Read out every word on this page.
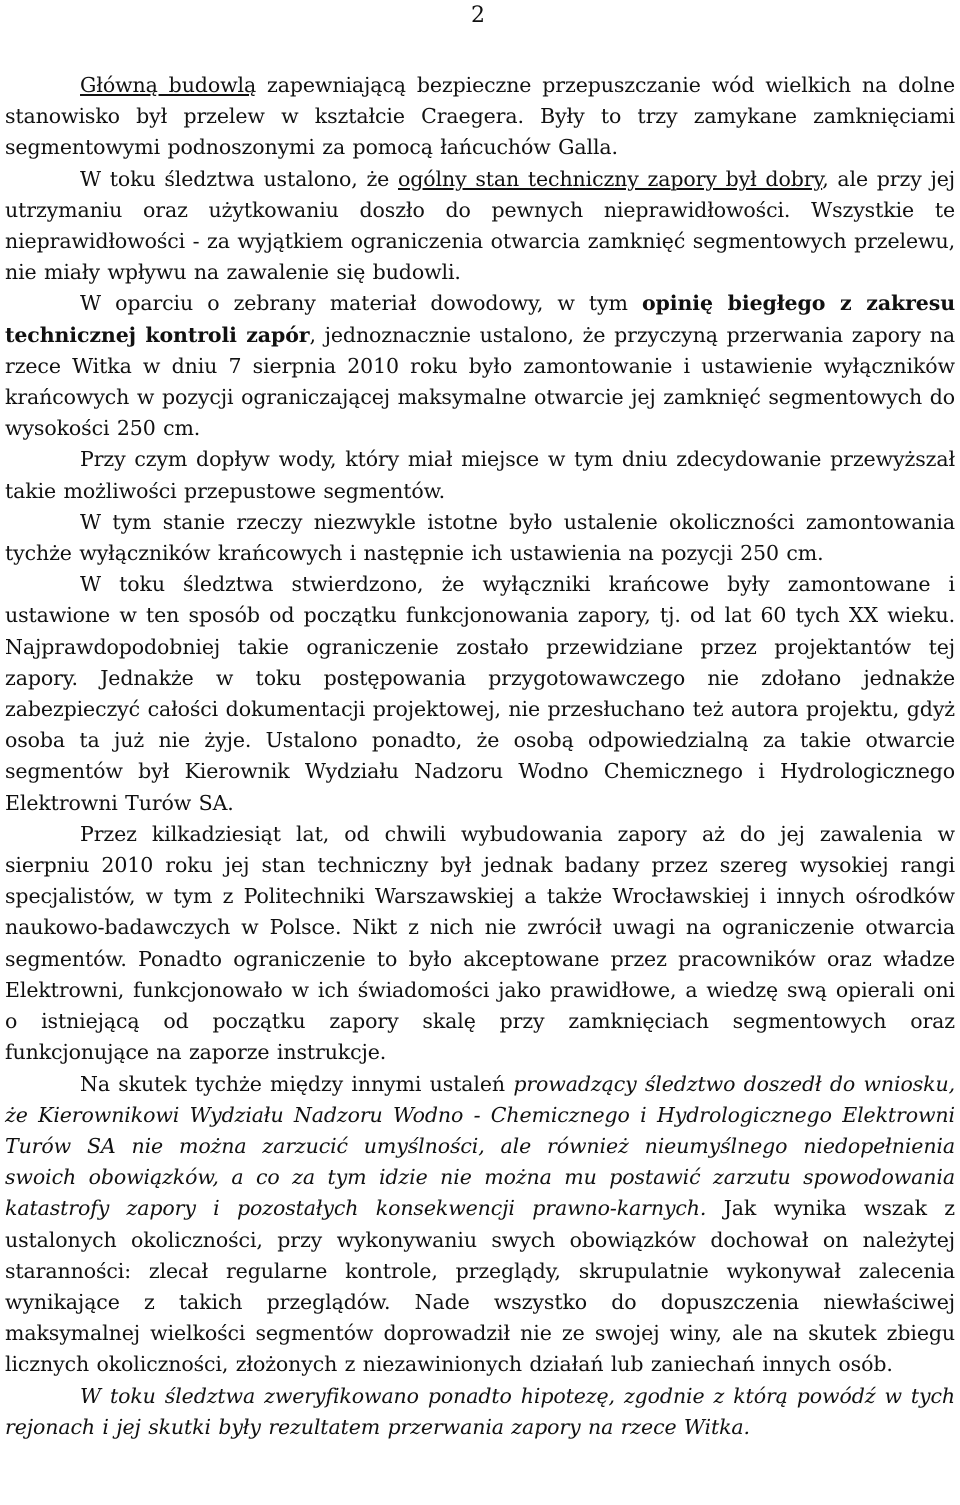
2

Główną budowlą zapewniającą bezpieczne przepuszczanie wód wielkich na dolne stanowisko był przelew w kształcie Craegera. Były to trzy zamykane zamknięciami segmentowymi podnoszonymi za pomocą łańcuchów Galla.

W toku śledztwa ustalono, że ogólny stan techniczny zapory był dobry, ale przy jej utrzymaniu oraz użytkowaniu doszło do pewnych nieprawidłowości. Wszystkie te nieprawidłowości - za wyjątkiem ograniczenia otwarcia zamknięć segmentowych przelewu, nie miały wpływu na zawalenie się budowli.

W oparciu o zebrany materiał dowodowy, w tym opinię biegłego z zakresu technicznej kontroli zapór, jednoznacznie ustalono, że przyczyną przerwania zapory na rzece Witka w dniu 7 sierpnia 2010 roku było zamontowanie i ustawienie wyłączników krańcowych w pozycji ograniczającej maksymalne otwarcie jej zamknięć segmentowych do wysokości 250 cm.

Przy czym dopływ wody, który miał miejsce w tym dniu zdecydowanie przewyższał takie możliwości przepustowe segmentów.

W tym stanie rzeczy niezwykle istotne było ustalenie okoliczności zamontowania tychże wyłączników krańcowych i następnie ich ustawienia na pozycji 250 cm.

W toku śledztwa stwierdzono, że wyłączniki krańcowe były zamontowane i ustawione w ten sposób od początku funkcjonowania zapory, tj. od lat 60 tych XX wieku. Najprawdopodobniej takie ograniczenie zostało przewidziane przez projektantów tej zapory. Jednakże w toku postępowania przygotowawczego nie zdołano jednakże zabezpieczyć całości dokumentacji projektowej, nie przesłuchano też autora projektu, gdyż osoba ta już nie żyje. Ustalono ponadto, że osobą odpowiedzialną za takie otwarcie segmentów był Kierownik Wydziału Nadzoru Wodno Chemicznego i Hydrologicznego Elektrowni Turów SA.

Przez kilkadziesiąt lat, od chwili wybudowania zapory aż do jej zawalenia w sierpniu 2010 roku jej stan techniczny był jednak badany przez szereg wysokiej rangi specjalistów, w tym z Politechniki Warszawskiej a także Wrocławskiej i innych ośrodków naukowo-badawczych w Polsce. Nikt z nich nie zwrócił uwagi na ograniczenie otwarcia segmentów. Ponadto ograniczenie to było akceptowane przez pracowników oraz władze Elektrowni, funkcjonowało w ich świadomości jako prawidłowe, a wiedzę swą opierali oni o istniejącą od początku zapory skalę przy zamknięciach segmentowych oraz funkcjonujące na zaporze instrukcje.

Na skutek tychże między innymi ustaleń prowadzący śledztwo doszedł do wniosku, że Kierownikowi Wydziału Nadzoru Wodno - Chemicznego i Hydrologicznego Elektrowni Turów SA nie można zarzucić umyślności, ale również nieumyślnego niedopełnienia swoich obowiązków, a co za tym idzie nie można mu postawić zarzutu spowodowania katastrofy zapory i pozostałych konsekwencji prawno-karnych. Jak wynika wszak z ustalonych okoliczności, przy wykonywaniu swych obowiązków dochował on należytej staranności: zlecał regularne kontrole, przeglądy, skrupulatnie wykonywał zalecenia wynikające z takich przeglądów. Nade wszystko do dopuszczenia niewłaściwej maksymalnej wielkości segmentów doprowadził nie ze swojej winy, ale na skutek zbiegu licznych okoliczności, złożonych z niezawinionych działań lub zaniechań innych osób.

W toku śledztwa zweryfikowano ponadto hipotezę, zgodnie z którą powódź w tych rejonach i jej skutki były rezultatem przerwania zapory na rzece Witka.
